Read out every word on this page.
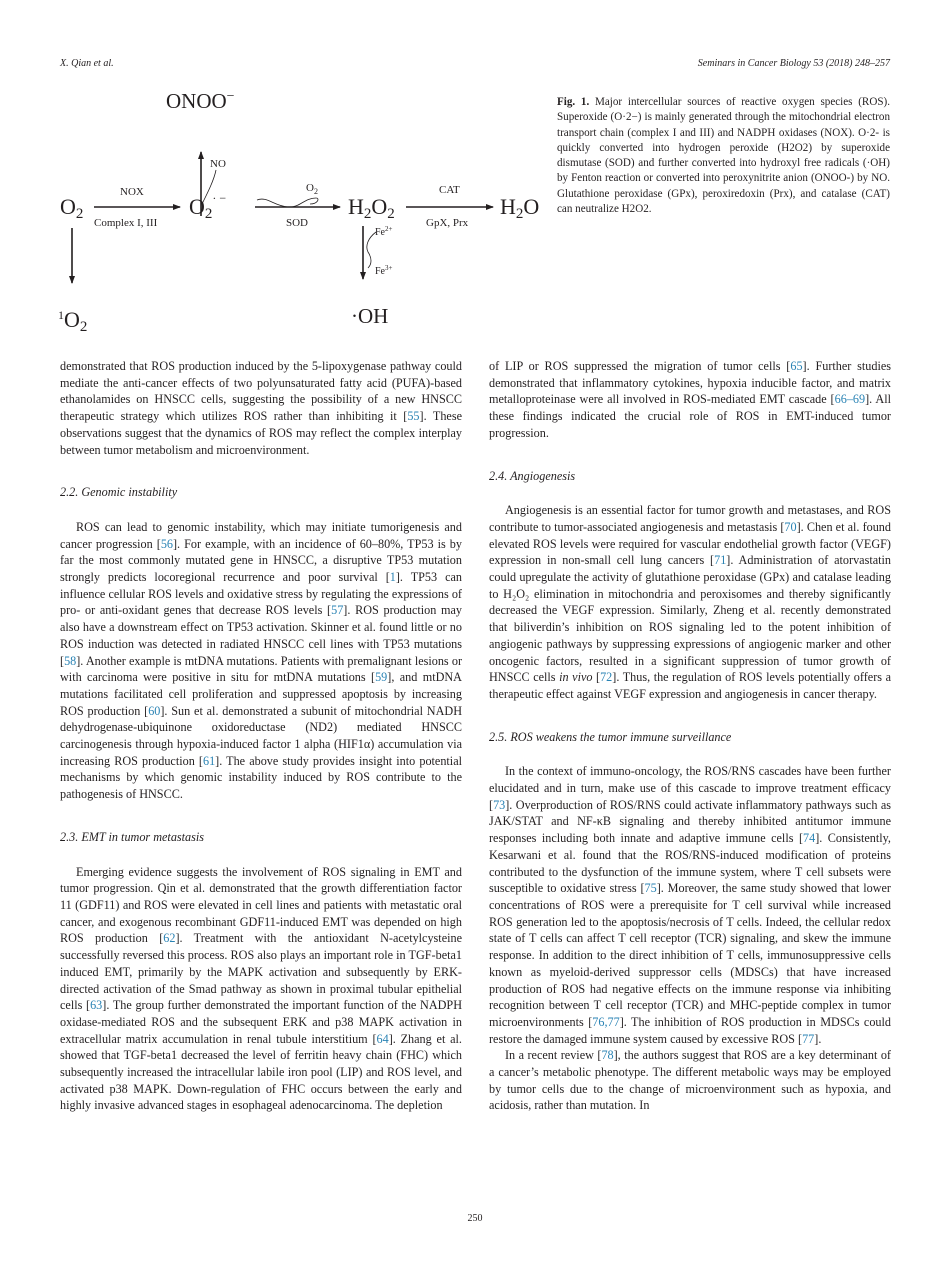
X. Qian et al.	Seminars in Cancer Biology 53 (2018) 248–257
ONOO−
NO
O2
NOX
Complex I, III
O2· −
$O_2$
SOD
H2O2
CAT
GpX, Prx
H2O
$^1$O2
$Fe^{2+}$
$Fe^{3+}$
·OH
Fig. 1. Major intercellular sources of reactive oxygen species (ROS). Superoxide (O·2−) is mainly generated through the mitochondrial electron transport chain (complex I and III) and NADPH oxidases (NOX). O·2- is quickly converted into hydrogen peroxide (H2O2) by superoxide dismutase (SOD) and further converted into hydroxyl free radicals (·OH) by Fenton reaction or converted into peroxynitrite anion (ONOO-) by NO. Glutathione peroxidase (GPx), peroxiredoxin (Prx), and catalase (CAT) can neutralize H2O2.

demonstrated that ROS production induced by the 5-lipoxygenase pathway could mediate the anti-cancer effects of two polyunsaturated fatty acid (PUFA)-based ethanolamides on HNSCC cells, suggesting the possibility of a new HNSCC therapeutic strategy which utilizes ROS rather than inhibiting it [55]. These observations suggest that the dynamics of ROS may reflect the complex interplay between tumor metabolism and microenvironment.

2.2. Genomic instability

ROS can lead to genomic instability, which may initiate tumorigenesis and cancer progression [56]. For example, with an incidence of 60–80%, TP53 is by far the most commonly mutated gene in HNSCC, a disruptive TP53 mutation strongly predicts locoregional recurrence and poor survival [1]. TP53 can influence cellular ROS levels and oxidative stress by regulating the expressions of pro- or anti-oxidant genes that decrease ROS levels [57]. ROS production may also have a downstream effect on TP53 activation. Skinner et al. found little or no ROS induction was detected in radiated HNSCC cell lines with TP53 mutations [58]. Another example is mtDNA mutations. Patients with premalignant lesions or with carcinoma were positive in situ for mtDNA mutations [59], and mtDNA mutations facilitated cell proliferation and suppressed apoptosis by increasing ROS production [60]. Sun et al. demonstrated a subunit of mitochondrial NADH dehydrogenase-ubiquinone oxidoreductase (ND2) mediated HNSCC carcinogenesis through hypoxia-induced factor 1 alpha (HIF1α) accumulation via increasing ROS production [61]. The above study provides insight into potential mechanisms by which genomic instability induced by ROS contribute to the pathogenesis of HNSCC.

2.3. EMT in tumor metastasis

Emerging evidence suggests the involvement of ROS signaling in EMT and tumor progression. Qin et al. demonstrated that the growth differentiation factor 11 (GDF11) and ROS were elevated in cell lines and patients with metastatic oral cancer, and exogenous recombinant GDF11-induced EMT was depended on high ROS production [62]. Treatment with the antioxidant N-acetylcysteine successfully reversed this process. ROS also plays an important role in TGF-beta1 induced EMT, primarily by the MAPK activation and subsequently by ERK-directed activation of the Smad pathway as shown in proximal tubular epithelial cells [63]. The group further demonstrated the important function of the NADPH oxidase-mediated ROS and the subsequent ERK and p38 MAPK activation in extracellular matrix accumulation in renal tubule interstitium [64]. Zhang et al. showed that TGF-beta1 decreased the level of ferritin heavy chain (FHC) which subsequently increased the intracellular labile iron pool (LIP) and ROS level, and activated p38 MAPK. Down-regulation of FHC occurs between the early and highly invasive advanced stages in esophageal adenocarcinoma. The depletion

of LIP or ROS suppressed the migration of tumor cells [65]. Further studies demonstrated that inflammatory cytokines, hypoxia inducible factor, and matrix metalloproteinase were all involved in ROS-mediated EMT cascade [66–69]. All these findings indicated the crucial role of ROS in EMT-induced tumor progression.

2.4. Angiogenesis

Angiogenesis is an essential factor for tumor growth and metastases, and ROS contribute to tumor-associated angiogenesis and metastasis [70]. Chen et al. found elevated ROS levels were required for vascular endothelial growth factor (VEGF) expression in non-small cell lung cancers [71]. Administration of atorvastatin could upregulate the activity of glutathione peroxidase (GPx) and catalase leading to H₂O₂ elimination in mitochondria and peroxisomes and thereby significantly decreased the VEGF expression. Similarly, Zheng et al. recently demonstrated that biliverdin’s inhibition on ROS signaling led to the potent inhibition of angiogenic pathways by suppressing expressions of angiogenic marker and other oncogenic factors, resulted in a significant suppression of tumor growth of HNSCC cells in vivo [72]. Thus, the regulation of ROS levels potentially offers a therapeutic effect against VEGF expression and angiogenesis in cancer therapy.

2.5. ROS weakens the tumor immune surveillance

In the context of immuno-oncology, the ROS/RNS cascades have been further elucidated and in turn, make use of this cascade to improve treatment efficacy [73]. Overproduction of ROS/RNS could activate inflammatory pathways such as JAK/STAT and NF-κB signaling and thereby inhibited antitumor immune responses including both innate and adaptive immune cells [74]. Consistently, Kesarwani et al. found that the ROS/RNS-induced modification of proteins contributed to the dysfunction of the immune system, where T cell subsets were susceptible to oxidative stress [75]. Moreover, the same study showed that lower concentrations of ROS were a prerequisite for T cell survival while increased ROS generation led to the apoptosis/necrosis of T cells. Indeed, the cellular redox state of T cells can affect T cell receptor (TCR) signaling, and skew the immune response. In addition to the direct inhibition of T cells, immunosuppressive cells known as myeloid-derived suppressor cells (MDSCs) that have increased production of ROS had negative effects on the immune response via inhibiting recognition between T cell receptor (TCR) and MHC-peptide complex in tumor microenvironments [76,77]. The inhibition of ROS production in MDSCs could restore the damaged immune system caused by excessive ROS [77].

In a recent review [78], the authors suggest that ROS are a key determinant of a cancer’s metabolic phenotype. The different metabolic ways may be employed by tumor cells due to the change of microenvironment such as hypoxia, and acidosis, rather than mutation. In

250
